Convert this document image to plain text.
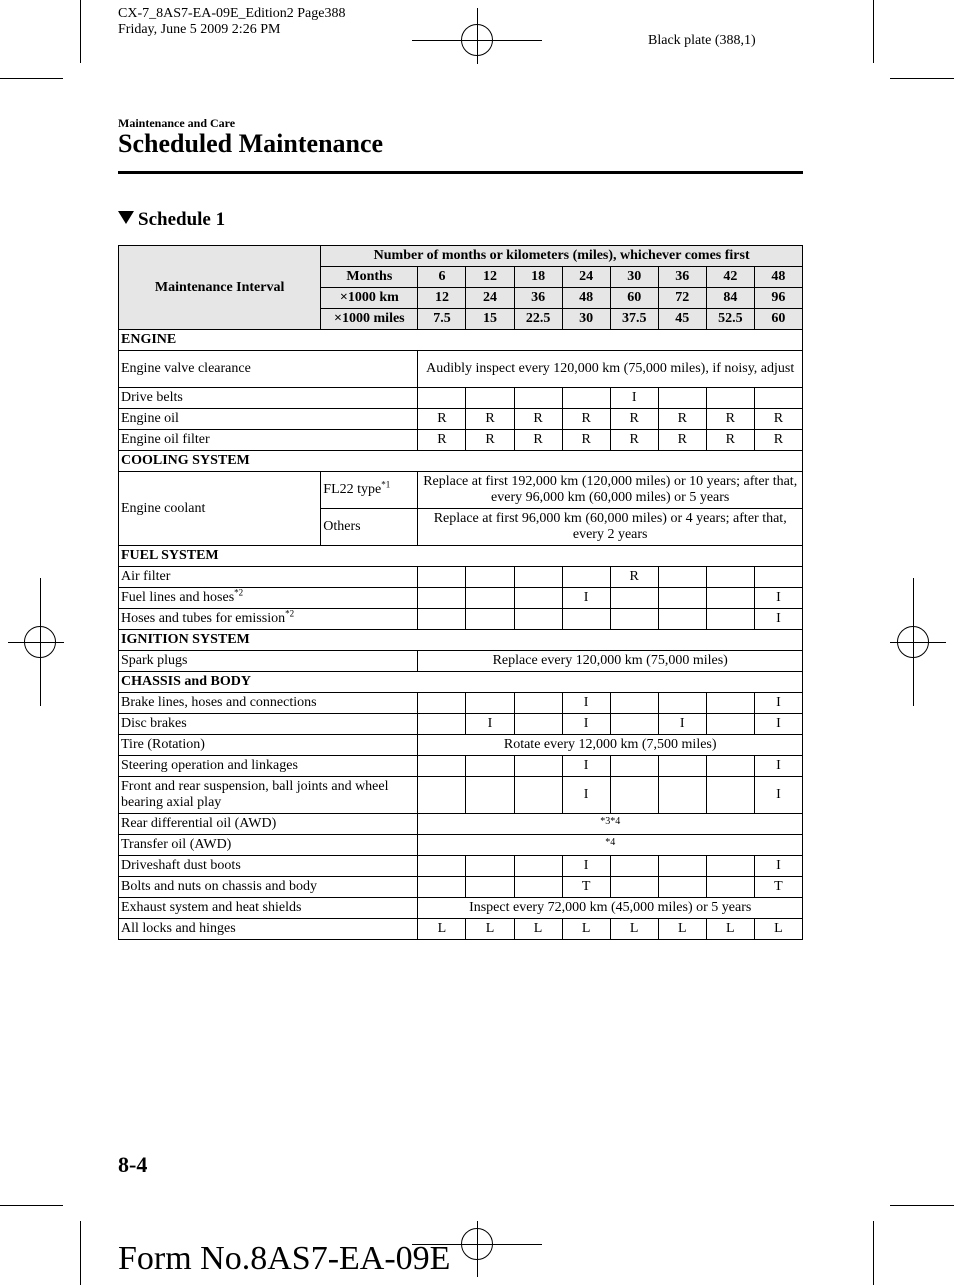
CX-7_8AS7-EA-09E_Edition2 Page388
Friday, June 5 2009 2:26 PM
Black plate (388,1)
Maintenance and Care
Scheduled Maintenance
Schedule 1
Maintenance Interval	Number of months or kilometers (miles), whichever comes first								
	Months	6	12	18	24	30	36	42	48
	×1000 km	12	24	36	48	60	72	84	96
	×1000 miles	7.5	15	22.5	30	37.5	45	52.5	60
ENGINE									
Engine valve clearance		Audibly inspect every 120,000 km (75,000 miles), if noisy, adjust							
Drive belts						I			
Engine oil		R	R	R	R	R	R	R	R
Engine oil filter		R	R	R	R	R	R	R	R
COOLING SYSTEM									
Engine coolant	FL22 type$^{*1}$	Replace at first 192,000 km (120,000 miles) or 10 years; after that, every 96,000 km (60,000 miles) or 5 years							
	Others	Replace at first 96,000 km (60,000 miles) or 4 years; after that, every 2 years							
FUEL SYSTEM									
Air filter						R			
Fuel lines and hoses$^{*2}$					I				I
Hoses and tubes for emission$^{*2}$									I
IGNITION SYSTEM									
Spark plugs		Replace every 120,000 km (75,000 miles)							
CHASSIS and BODY									
Brake lines, hoses and connections					I				I
Disc brakes			I		I		I		I
Tire (Rotation)		Rotate every 12,000 km (7,500 miles)							
Steering operation and linkages					I				I
Front and rear suspension, ball joints and wheel bearing axial play					I				I
Rear differential oil (AWD)		*3*4							
Transfer oil (AWD)		*4							
Driveshaft dust boots					I				I
Bolts and nuts on chassis and body					T				T
Exhaust system and heat shields		Inspect every 72,000 km (45,000 miles) or 5 years							
All locks and hinges		L	L	L	L	L	L	L	L
8-4
Form No.8AS7-EA-09E
